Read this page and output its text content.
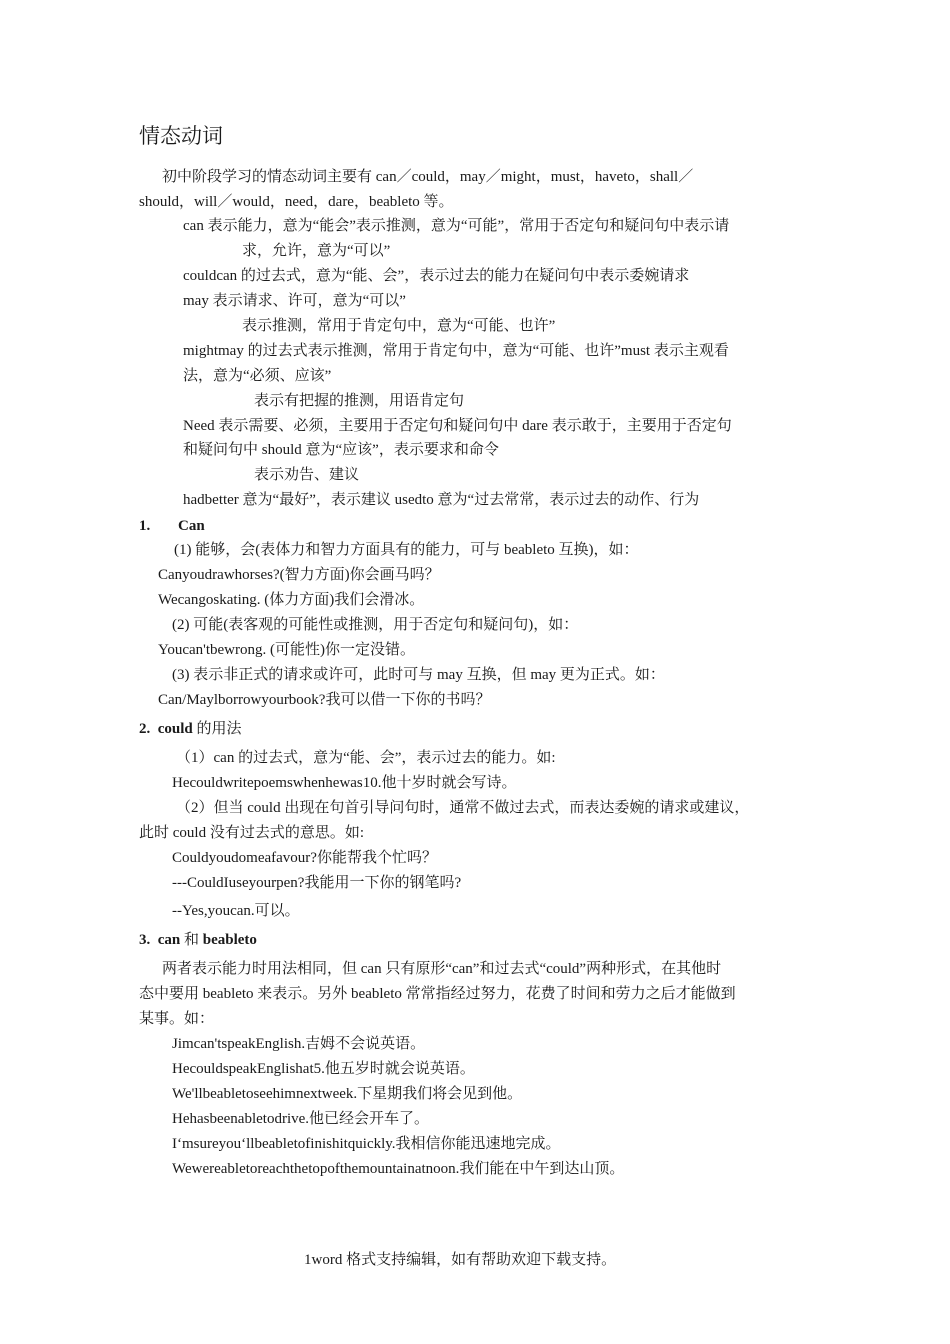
情态动词
初中阶段学习的情态动词主要有 can／could，may／might，must，haveto，shall／
should，will／would，need，dare，beableto 等。
can 表示能力，意为“能会”表示推测，意为“可能”，常用于否定句和疑问句中表示请
求，允许，意为“可以”
couldcan 的过去式，意为“能、会”，表示过去的能力在疑问句中表示委婉请求
may 表示请求、许可，意为“可以”
表示推测，常用于肯定句中，意为“可能、也许”
mightmay 的过去式表示推测，常用于肯定句中，意为“可能、也许”must 表示主观看
法，意为“必须、应该”
表示有把握的推测，用语肯定句
Need 表示需要、必须，主要用于否定句和疑问句中 dare 表示敢于，主要用于否定句
和疑问句中 should 意为“应该”，表示要求和命令
表示劝告、建议
hadbetter 意为“最好”，表示建议 usedto 意为“过去常常，表示过去的动作、行为
1. Can
(1) 能够，会(表体力和智力方面具有的能力，可与 beableto 互换)，如：
Canyoudrawhorses?(智力方面)你会画马吗？
Wecangoskating. (体力方面)我们会滑冰。
(2) 可能(表客观的可能性或推测，用于否定句和疑问句)，如：
Youcan'tbewrong. (可能性)你一定没错。
(3) 表示非正式的请求或许可，此时可与 may 互换，但 may 更为正式。如：
Can/Maylborrowyourbook?我可以借一下你的书吗？
2. could 的用法
（1）can 的过去式，意为“能、会”，表示过去的能力。如:
Hecouldwritepoemswhenhewas10.他十岁时就会写诗。
（2）但当 could 出现在句首引导问句时，通常不做过去式，而表达委婉的请求或建议，
此时 could 没有过去式的意思。如:
Couldyoudomeafavour?你能帮我个忙吗？
---CouldIuseyourpen?我能用一下你的钢笔吗?
--Yes,youcan.可以。
3. can 和 beableto
两者表示能力时用法相同，但 can 只有原形“can”和过去式“could”两种形式，在其他时
态中要用 beableto 来表示。另外 beableto 常常指经过努力，花费了时间和劳力之后才能做到
某事。如：
Jimcan'tspeakEnglish.吉姆不会说英语。
HecouldspeakEnglishat5.他五岁时就会说英语。
We'llbeabletoseehimnextweek.下星期我们将会见到他。
Hehasbeenabletodrive.他已经会开车了。
I‘msureyou‘llbeabletofinishitquickly.我相信你能迅速地完成。
Wewereabletoreachthetopofthemountainatnoon.我们能在中午到达山顶。
1word 格式支持编辑，如有帮助欢迎下载支持。
